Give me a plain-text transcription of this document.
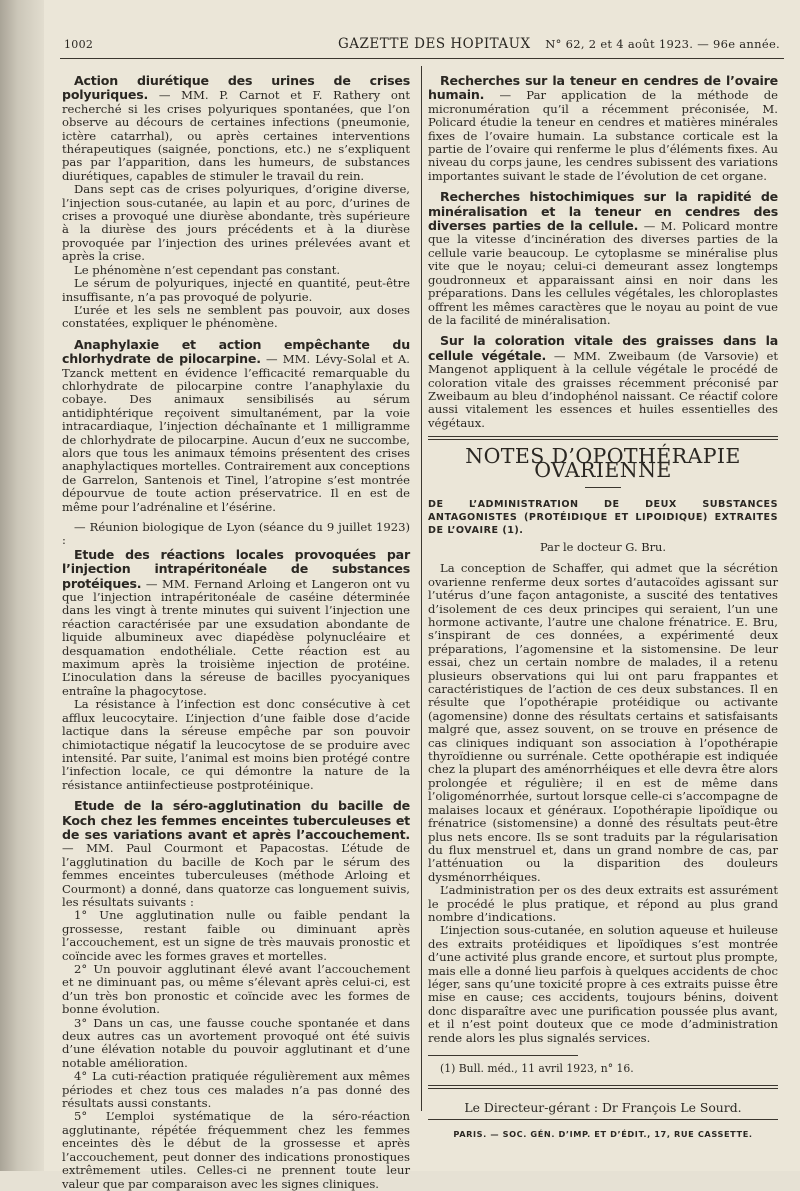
1002	GAZETTE DES HOPITAUX N° 62, 2 et 4 août 1923. — 96e année.

Action diurétique des urines de crises polyuriques. — MM. P. Carnot et F. Rathery ont recherché si les crises polyuriques spontanées, que l’on observe au décours de certaines infections (pneumonie, ictère catarrhal), ou après certaines interventions thérapeutiques (saignée, ponctions, etc.) ne s’expliquent pas par l’apparition, dans les humeurs, de substances diurétiques, capables de stimuler le travail du rein.

Dans sept cas de crises polyuriques, d’origine diverse, l’injection sous-cutanée, au lapin et au porc, d’urines de crises a provoqué une diurèse abondante, très supérieure à la diurèse des jours précédents et à la diurèse provoquée par l’injection des urines prélevées avant et après la crise.

Le phénomène n’est cependant pas constant.

Le sérum de polyuriques, injecté en quantité, peut-être insuffisante, n’a pas provoqué de polyurie.

L’urée et les sels ne semblent pas pouvoir, aux doses constatées, expliquer le phénomène.

Anaphylaxie et action empêchante du chlorhydrate de pilocarpine. — MM. Lévy-Solal et A. Tzanck mettent en évidence l’efficacité remarquable du chlorhydrate de pilocarpine contre l’anaphylaxie du cobaye. Des animaux sensibilisés au sérum antidiphtérique reçoivent simultanément, par la voie intracardiaque, l’injection déchaînante et 1 milligramme de chlorhydrate de pilocarpine. Aucun d’eux ne succombe, alors que tous les animaux témoins présentent des crises anaphylactiques mortelles. Contrairement aux conceptions de Garrelon, Santenois et Tinel, l’atropine s’est montrée dépourvue de toute action préservatrice. Il en est de même pour l’adrénaline et l’ésérine.

— Réunion biologique de Lyon (séance du 9 juillet 1923) :

Etude des réactions locales provoquées par l’injection intrapéritonéale de substances protéiques. — MM. Fernand Arloing et Langeron ont vu que l’injection intrapéritonéale de caséine déterminée dans les vingt à trente minutes qui suivent l’injection une réaction caractérisée par une exsudation abondante de liquide albumineux avec diapédèse polynucléaire et desquamation endothéliale. Cette réaction est au maximum après la troisième injection de protéine. L’inoculation dans la séreuse de bacilles pyocyaniques entraîne la phagocytose.

La résistance à l’infection est donc consécutive à cet afflux leucocytaire. L’injection d’une faible dose d’acide lactique dans la séreuse empêche par son pouvoir chimiotactique négatif la leucocytose de se produire avec intensité. Par suite, l’animal est moins bien protégé contre l’infection locale, ce qui démontre la nature de la résistance antiinfectieuse postprotéinique.

Etude de la séro-agglutination du bacille de Koch chez les femmes enceintes tuberculeuses et de ses variations avant et après l’accouchement. — MM. Paul Courmont et Papacostas. L’étude de l’agglutination du bacille de Koch par le sérum des femmes enceintes tuberculeuses (méthode Arloing et Courmont) a donné, dans quatorze cas longuement suivis, les résultats suivants :

1° Une agglutination nulle ou faible pendant la grossesse, restant faible ou diminuant après l’accouchement, est un signe de très mauvais pronostic et coïncide avec les formes graves et mortelles.

2° Un pouvoir agglutinant élevé avant l’accouchement et ne diminuant pas, ou même s’élevant après celui-ci, est d’un très bon pronostic et coïncide avec les formes de bonne évolution.

3° Dans un cas, une fausse couche spontanée et dans deux autres cas un avortement provoqué ont été suivis d’une élévation notable du pouvoir agglutinant et d’une notable amélioration.

4° La cuti-réaction pratiquée régulièrement aux mêmes périodes et chez tous ces malades n’a pas donné des résultats aussi constants.

5° L’emploi systématique de la séro-réaction agglutinante, répétée fréquemment chez les femmes enceintes dès le début de la grossesse et après l’accouchement, peut donner des indications pronostiques extrêmement utiles. Celles-ci ne prennent toute leur valeur que par comparaison avec les signes cliniques.

Recherches sur la teneur en cendres de l’ovaire humain. — Par application de la méthode de micronumération qu’il a récemment préconisée, M. Policard étudie la teneur en cendres et matières minérales fixes de l’ovaire humain. La substance corticale est la partie de l’ovaire qui renferme le plus d’éléments fixes. Au niveau du corps jaune, les cendres subissent des variations importantes suivant le stade de l’évolution de cet organe.

Recherches histochimiques sur la rapidité de minéralisation et la teneur en cendres des diverses parties de la cellule. — M. Policard montre que la vitesse d’incinération des diverses parties de la cellule varie beaucoup. Le cytoplasme se minéralise plus vite que le noyau; celui-ci demeurant assez longtemps goudronneux et apparaissant ainsi en noir dans les préparations. Dans les cellules végétales, les chloroplastes offrent les mêmes caractères que le noyau au point de vue de la facilité de minéralisation.

Sur la coloration vitale des graisses dans la cellule végétale. — MM. Zweibaum (de Varsovie) et Mangenot appliquent à la cellule végétale le procédé de coloration vitale des graisses récemment préconisé par Zweibaum au bleu d’indophénol naissant. Ce réactif colore aussi vitalement les essences et huiles essentielles des végétaux.

NOTES D’OPOTHÉRAPIE OVARIENNE

DE L’ADMINISTRATION DE DEUX SUBSTANCES ANTAGONISTES (PROTÉIDIQUE ET LIPOIDIQUE) EXTRAITES DE L’OVAIRE (1).

Par le docteur G. Bru.

La conception de Schaffer, qui admet que la sécrétion ovarienne renferme deux sortes d’autacoïdes agissant sur l’utérus d’une façon antagoniste, a suscité des tentatives d’isolement de ces deux principes qui seraient, l’un une hormone activante, l’autre une chalone frénatrice. E. Bru, s’inspirant de ces données, a expérimenté deux préparations, l’agomensine et la sistomensine. De leur essai, chez un certain nombre de malades, il a retenu plusieurs observations qui lui ont paru frappantes et caractéristiques de l’action de ces deux substances. Il en résulte que l’opothérapie protéidique ou activante (agomensine) donne des résultats certains et satisfaisants malgré que, assez souvent, on se trouve en présence de cas cliniques indiquant son association à l’opothérapie thyroïdienne ou surrénale. Cette opothérapie est indiquée chez la plupart des aménorrhéiques et elle devra être alors prolongée et régulière; il en est de même dans l’oligoménorrhée, surtout lorsque celle-ci s’accompagne de malaises locaux et généraux. L’opothérapie lipoïdique ou frénatrice (sistomensine) a donné des résultats peut-être plus nets encore. Ils se sont traduits par la régularisation du flux menstruel et, dans un grand nombre de cas, par l’atténuation ou la disparition des douleurs dysménorrhéiques.

L’administration per os des deux extraits est assurément le procédé le plus pratique, et répond au plus grand nombre d’indications.

L’injection sous-cutanée, en solution aqueuse et huileuse des extraits protéidiques et lipoïdiques s’est montrée d’une activité plus grande encore, et surtout plus prompte, mais elle a donné lieu parfois à quelques accidents de choc léger, sans qu’une toxicité propre à ces extraits puisse être mise en cause; ces accidents, toujours bénins, doivent donc disparaître avec une purification poussée plus avant, et il n’est point douteux que ce mode d’administration rende alors les plus signalés services.

(1) Bull. méd., 11 avril 1923, n° 16.

Le Directeur-gérant : Dr François Le Sourd.
PARIS. — SOC. GÉN. D’IMP. ET D’ÉDIT., 17, RUE CASSETTE.
